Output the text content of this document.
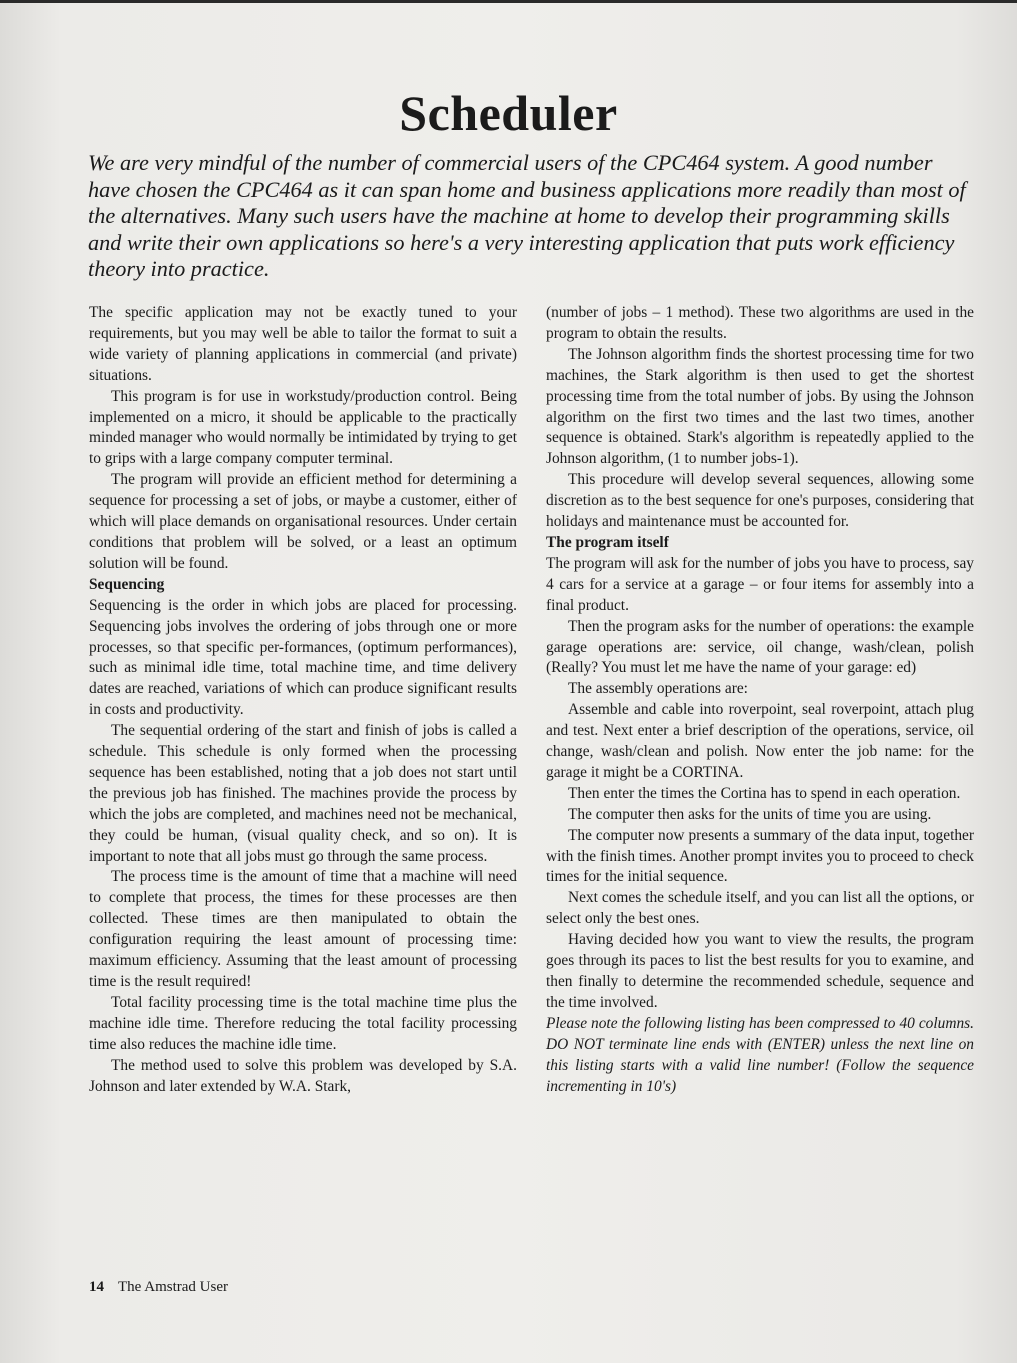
Scheduler

We are very mindful of the number of commercial users of the CPC464 system. A good number have chosen the CPC464 as it can span home and business applications more readily than most of the alternatives. Many such users have the machine at home to develop their programming skills and write their own applications so here's a very interesting application that puts work efficiency theory into practice.

The specific application may not be exactly tuned to your requirements, but you may well be able to tailor the format to suit a wide variety of planning applications in commercial (and private) situations.

This program is for use in workstudy/production control. Being implemented on a micro, it should be applicable to the practically minded manager who would normally be intimidated by trying to get to grips with a large company computer terminal.

The program will provide an efficient method for determining a sequence for processing a set of jobs, or maybe a customer, either of which will place demands on organisational resources. Under certain conditions that problem will be solved, or a least an optimum solution will be found.

Sequencing

Sequencing is the order in which jobs are placed for processing. Sequencing jobs involves the ordering of jobs through one or more processes, so that specific per-formances, (optimum performances), such as minimal idle time, total machine time, and time delivery dates are reached, variations of which can produce significant results in costs and productivity.

The sequential ordering of the start and finish of jobs is called a schedule. This schedule is only formed when the processing sequence has been established, noting that a job does not start until the previous job has finished. The machines provide the process by which the jobs are completed, and machines need not be mechanical, they could be human, (visual quality check, and so on). It is important to note that all jobs must go through the same process.

The process time is the amount of time that a machine will need to complete that process, the times for these processes are then collected. These times are then manipulated to obtain the configuration requiring the least amount of processing time: maximum efficiency. Assuming that the least amount of processing time is the result required!

Total facility processing time is the total machine time plus the machine idle time. Therefore reducing the total facility processing time also reduces the machine idle time.

The method used to solve this problem was developed by S.A. Johnson and later extended by W.A. Stark,

(number of jobs – 1 method). These two algorithms are used in the program to obtain the results.

The Johnson algorithm finds the shortest processing time for two machines, the Stark algorithm is then used to get the shortest processing time from the total number of jobs. By using the Johnson algorithm on the first two times and the last two times, another sequence is obtained. Stark's algorithm is repeatedly applied to the Johnson algorithm, (1 to number jobs-1).

This procedure will develop several sequences, allowing some discretion as to the best sequence for one's purposes, considering that holidays and maintenance must be accounted for.

The program itself

The program will ask for the number of jobs you have to process, say 4 cars for a service at a garage – or four items for assembly into a final product.

Then the program asks for the number of operations: the example garage operations are: service, oil change, wash/clean, polish (Really? You must let me have the name of your garage: ed)

The assembly operations are:

Assemble and cable into roverpoint, seal roverpoint, attach plug and test. Next enter a brief description of the operations, service, oil change, wash/clean and polish. Now enter the job name: for the garage it might be a CORTINA.

Then enter the times the Cortina has to spend in each operation.

The computer then asks for the units of time you are using.

The computer now presents a summary of the data input, together with the finish times. Another prompt invites you to proceed to check times for the initial sequence.

Next comes the schedule itself, and you can list all the options, or select only the best ones.

Having decided how you want to view the results, the program goes through its paces to list the best results for you to examine, and then finally to determine the recommended schedule, sequence and the time involved.

Please note the following listing has been compressed to 40 columns. DO NOT terminate line ends with (ENTER) unless the next line on this listing starts with a valid line number! (Follow the sequence incrementing in 10's)

14 The Amstrad User
